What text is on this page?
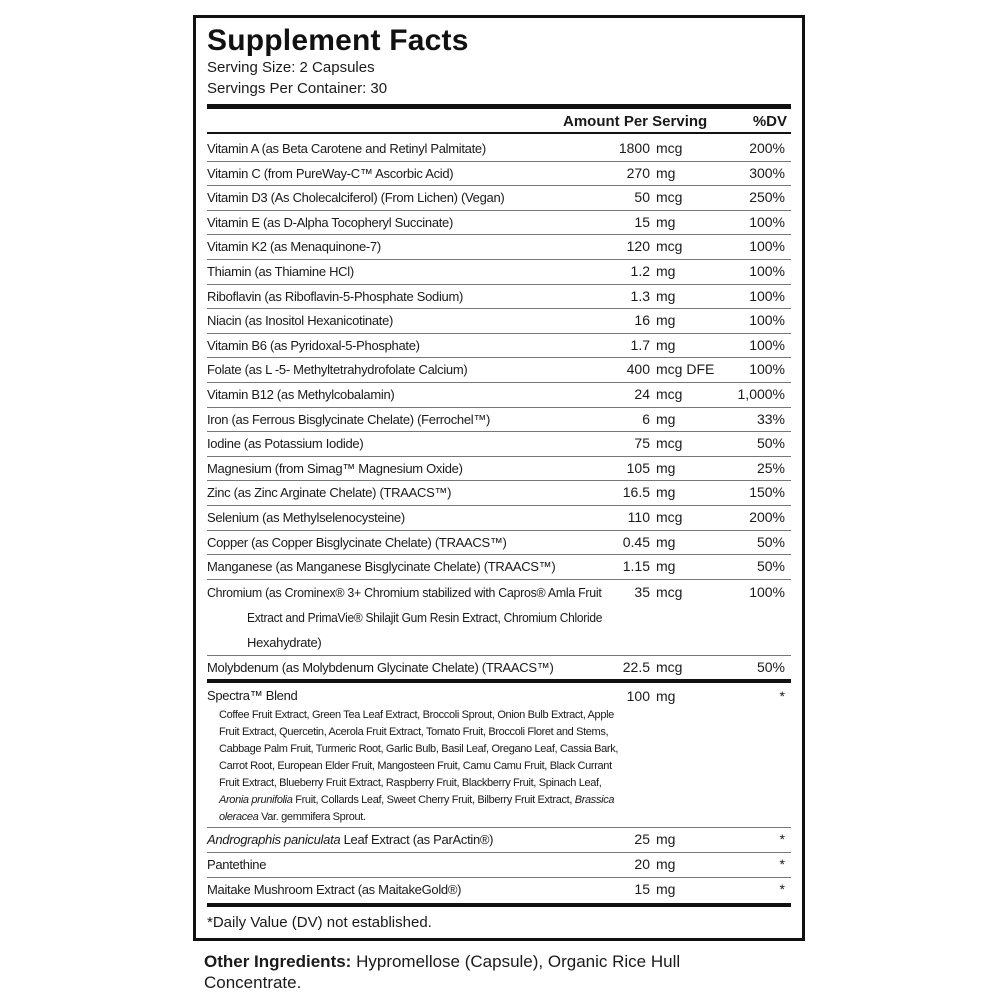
Supplement Facts
Serving Size: 2 Capsules
Servings Per Container: 30
Amount Per Serving	%DV
Vitamin A (as Beta Carotene and Retinyl Palmitate)	1800 mcg	200%
Vitamin C (from PureWay-C™ Ascorbic Acid)	270 mg	300%
Vitamin D3 (As Cholecalciferol) (From Lichen) (Vegan)	50 mcg	250%
Vitamin E (as D-Alpha Tocopheryl Succinate)	15 mg	100%
Vitamin K2 (as Menaquinone-7)	120 mcg	100%
Thiamin (as Thiamine HCl)	1.2 mg	100%
Riboflavin (as Riboflavin-5-Phosphate Sodium)	1.3 mg	100%
Niacin (as Inositol Hexanicotinate)	16 mg	100%
Vitamin B6 (as Pyridoxal-5-Phosphate)	1.7 mg	100%
Folate (as L -5- Methyltetrahydrofolate Calcium)	400 mcg DFE 100%
Vitamin B12 (as Methylcobalamin)	24 mcg	1,000%
Iron (as Ferrous Bisglycinate Chelate) (Ferrochel™)	6 mg	33%
Iodine (as Potassium Iodide)	75 mcg	50%
Magnesium (from Simag™ Magnesium Oxide)	105 mg	25%
Zinc (as Zinc Arginate Chelate) (TRAACS™)	16.5 mg	150%
Selenium (as Methylselenocysteine)	110 mcg	200%
Copper (as Copper Bisglycinate Chelate) (TRAACS™)	0.45 mg	50%
Manganese (as Manganese Bisglycinate Chelate) (TRAACS™)	1.15 mg	50%
Chromium (as Crominex® 3+ Chromium stabilized with Capros® Amla Fruit
Extract and PrimaVie® Shilajit Gum Resin Extract, Chromium Chloride
Hexahydrate)
35 mcg	100%
Molybdenum (as Molybdenum Glycinate Chelate) (TRAACS™)	22.5 mcg	50%
Spectra™ Blend	100 mg	*
Coffee Fruit Extract, Green Tea Leaf Extract, Broccoli Sprout, Onion Bulb Extract, Apple
Fruit Extract, Quercetin, Acerola Fruit Extract, Tomato Fruit, Broccoli Floret and Stems,
Cabbage Palm Fruit, Turmeric Root, Garlic Bulb, Basil Leaf, Oregano Leaf, Cassia Bark,
Carrot Root, European Elder Fruit, Mangosteen Fruit, Camu Camu Fruit, Black Currant
Fruit Extract, Blueberry Fruit Extract, Raspberry Fruit, Blackberry Fruit, Spinach Leaf,
Aronia prunifolia Fruit, Collards Leaf, Sweet Cherry Fruit, Bilberry Fruit Extract, Brassica
oleracea Var. gemmifera Sprout.
Andrographis paniculata Leaf Extract (as ParActin®)	25 mg	*
Pantethine	20 mg	*
Maitake Mushroom Extract (as MaitakeGold®)	15 mg	*
*Daily Value (DV) not established.
Other Ingredients: Hypromellose (Capsule), Organic Rice Hull Concentrate.
